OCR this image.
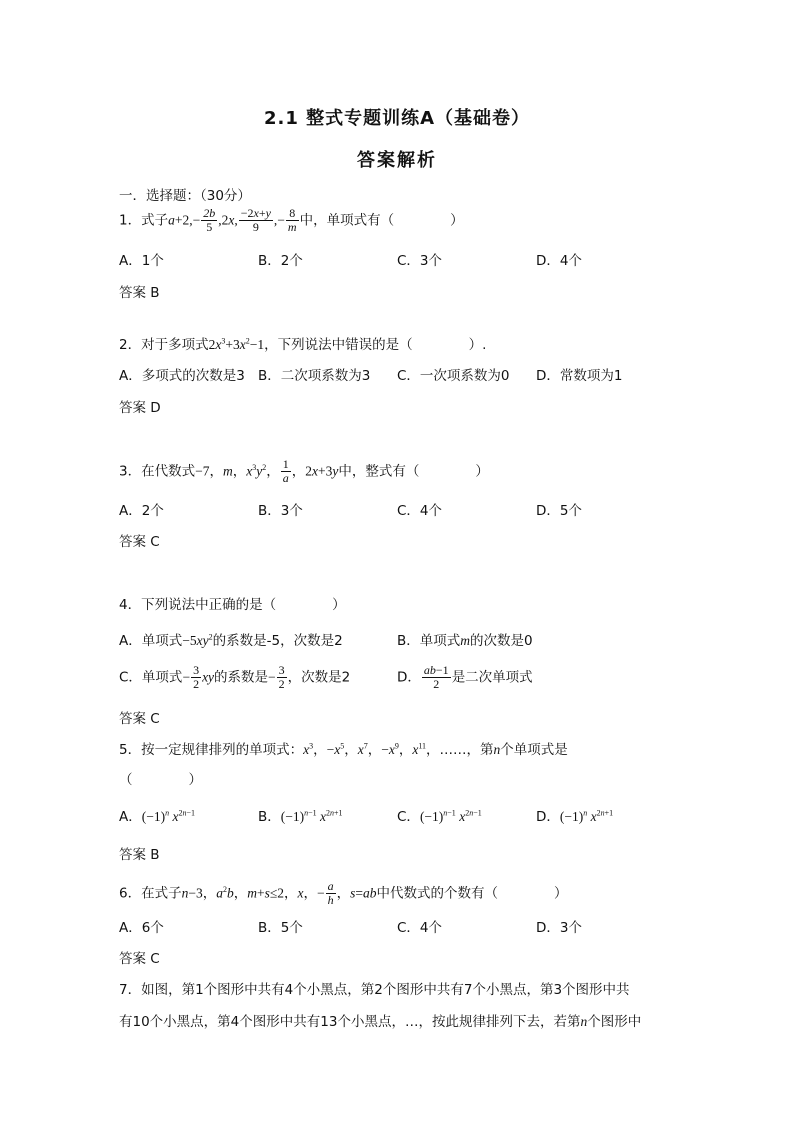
2.1 整式专题训练A（基础卷）
答案解析
一．选择题：（30分）
1．式子$a+2,- \frac{2b}{5} ,2x$, $\frac{-2x+y}{9}$ ,− $\frac{8}{m}$ 中，单项式有（	）
A．1个	B．2个	C．3个	D．4个
答案 B
2．对于多项式$2x^3+3x^2-1$，下列说法中错误的是（	）.
A．多项式的次数是3 B．二次项系数为3 C．一次项系数为0 D．常数项为1
答案 D
3．在代数式−7，m，$x^3y^2$， $\frac{1}{a}$ ，2x+3y中，整式有（	）
A．2个	B．3个	C．4个	D．5个
答案 C
4．下列说法中正确的是（	）
A．单项式$-5xy^2$的系数是-5，次数是2	B．单项式m的次数是0
C．单项式− $\frac{3}{2}$ xy的系数是− $\frac{3}{2}$ ，次数是2	D． $\frac{ab-1}{2}$ 是二次单项式
答案 C
5．按一定规律排列的单项式：$x^3$，$-x^5$，$x^7$，$-x^9$，$x^{11}$，……，第n个单项式是
（	）
A．$(-1)^n$ $x^{2n-1}$	B．$(-1)^{n-1}$ $x^{2n+1}$	C．$(-1)^{n-1}$ $x^{2n-1}$	D．$(-1)^n$ $x^{2n+1}$
答案 B
6．在式子n−3，$a^2b$，m+s≤2，x，− $\frac{a}{h}$ ，s=ab中代数式的个数有（	）
A．6个	B．5个	C．4个	D．3个
答案 C
7．如图，第1个图形中共有4个小黑点，第2个图形中共有7个小黑点，第3个图形中共
有10个小黑点，第4个图形中共有13个小黑点，…，按此规律排列下去，若第n个图形中
